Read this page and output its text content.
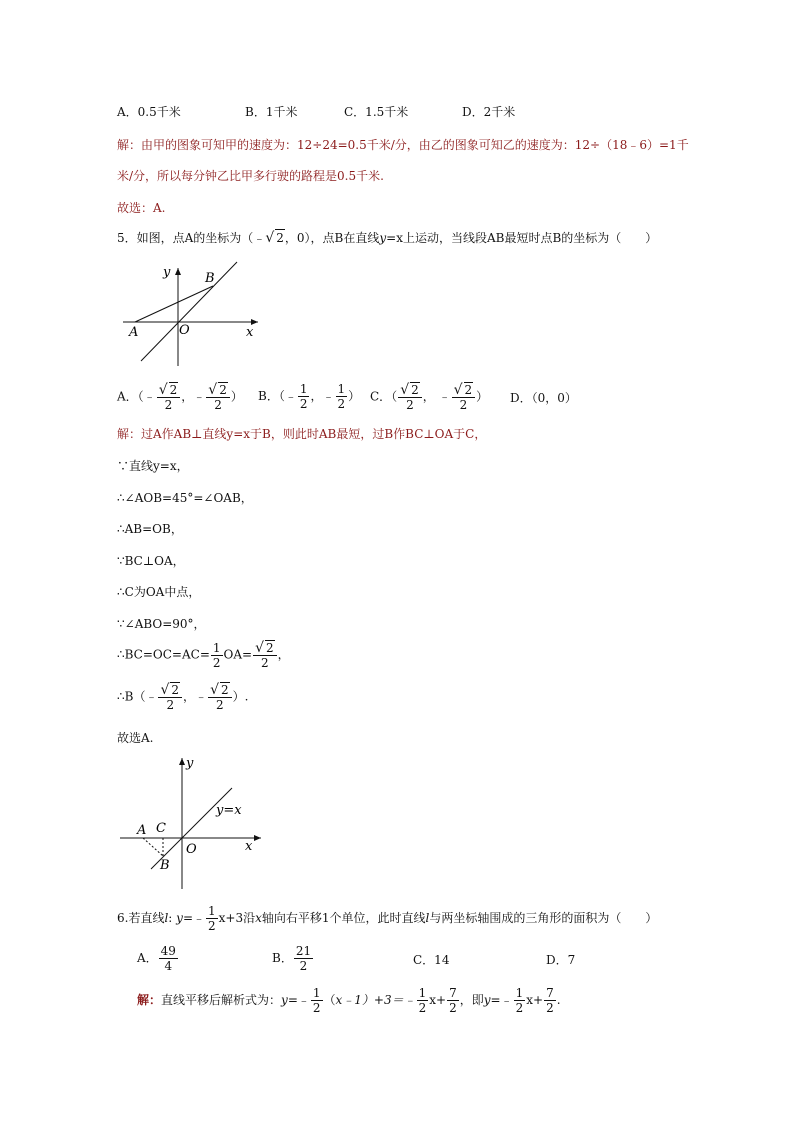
A．0.5千米	B．1千米	C．1.5千米	D．2千米
解：由甲的图象可知甲的速度为：12÷24=0.5千米/分，由乙的图象可知乙的速度为：12÷（18﹣6）=1千
米/分，所以每分钟乙比甲多行驶的路程是0.5千米.
故选：A.
5．如图，点A的坐标为（﹣√ 2，0），点B在直线y=x上运动，当线段AB最短时点B的坐标为（　　）
y	B
A	O	x
A．（﹣ $\frac{√ 2}{2}$ ，﹣ $\frac{√ 2}{2}$ ） B．（﹣ $\frac{1}{2}$ ，﹣ $\frac{1}{2}$ ） C．（ $\frac{√ 2}{2}$ ， ﹣ $\frac{√ 2}{2}$ ） D．（0，0）
解：过A作AB⊥直线y=x于B，则此时AB最短，过B作BC⊥OA于C，
∵直线y=x，
∴∠AOB=45°=∠OAB，
∴AB=OB，
∵BC⊥OA，
∴C为OA中点，
∵∠ABO=90°，
∴BC=OC=AC= $\frac{1}{2} OA= \frac{√ 2}{2}$ ，
∴B（﹣ $\frac{√ 2}{2}$ ，﹣ $\frac{√ 2}{2}$ ）.
故选A.
y
y=x
A C
B
O	x
6.若直线l: y=﹣ $\frac{1}{2} x+3$沿x轴向右平移1个单位，此时直线l与两坐标轴围成的三角形的面积为（　　）
A． $\frac{49}{4}$	B． $\frac{21}{2}$	C．14	D．7
解：直线平移后解析式为：y=﹣ $\frac{1}{2}$ （x﹣1）+3＝﹣ $\frac{1}{2} x+ \frac{7}{2}$ ，即y=﹣ $\frac{1}{2} x+ \frac{7}{2}$ .
